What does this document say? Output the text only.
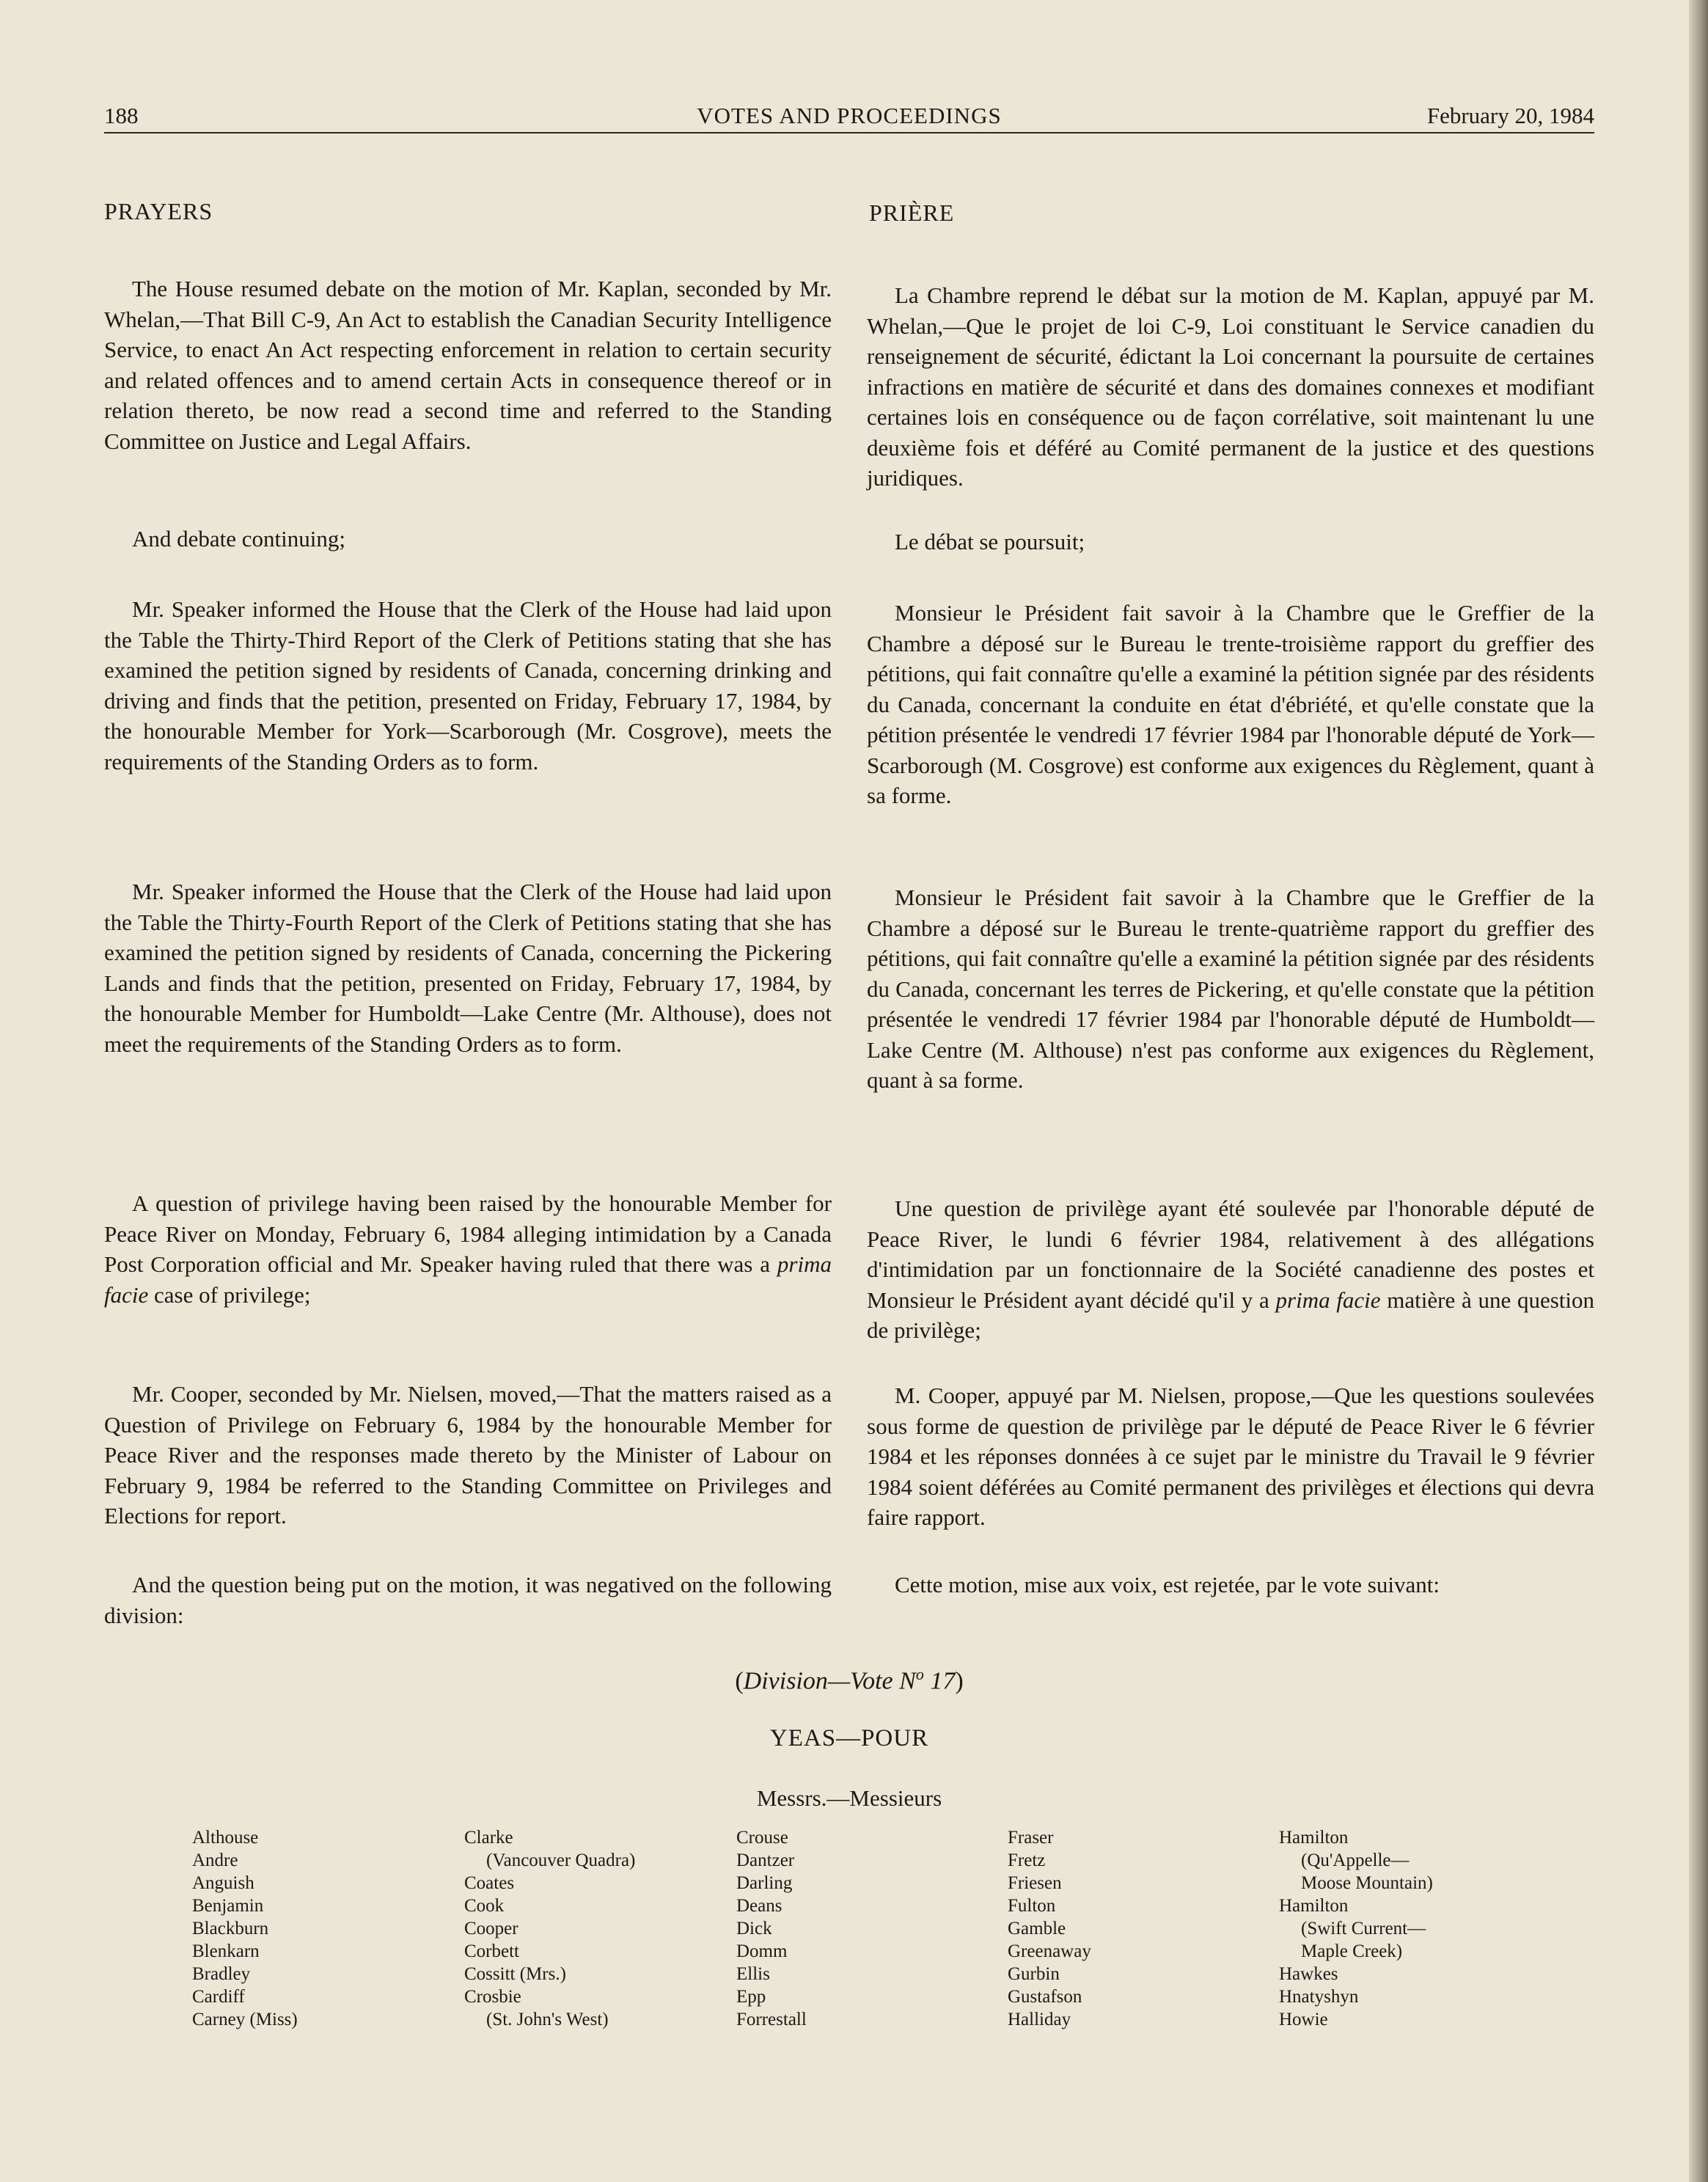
188	VOTES AND PROCEEDINGS	February 20, 1984
PRAYERS

The House resumed debate on the motion of Mr. Kaplan, seconded by Mr. Whelan,—That Bill C-9, An Act to establish the Canadian Security Intelligence Service, to enact An Act respecting enforcement in relation to certain security and related offences and to amend certain Acts in consequence thereof or in relation thereto, be now read a second time and referred to the Standing Committee on Justice and Legal Affairs.

And debate continuing;

Mr. Speaker informed the House that the Clerk of the House had laid upon the Table the Thirty-Third Report of the Clerk of Petitions stating that she has examined the petition signed by residents of Canada, concerning drinking and driving and finds that the petition, presented on Friday, February 17, 1984, by the honourable Member for York—Scarborough (Mr. Cosgrove), meets the requirements of the Standing Orders as to form.

Mr. Speaker informed the House that the Clerk of the House had laid upon the Table the Thirty-Fourth Report of the Clerk of Petitions stating that she has examined the petition signed by residents of Canada, concerning the Pickering Lands and finds that the petition, presented on Friday, February 17, 1984, by the honourable Member for Humboldt—Lake Centre (Mr. Althouse), does not meet the requirements of the Standing Orders as to form.

A question of privilege having been raised by the honourable Member for Peace River on Monday, February 6, 1984 alleging intimidation by a Canada Post Corporation official and Mr. Speaker having ruled that there was a prima facie case of privilege;

Mr. Cooper, seconded by Mr. Nielsen, moved,—That the matters raised as a Question of Privilege on February 6, 1984 by the honourable Member for Peace River and the responses made thereto by the Minister of Labour on February 9, 1984 be referred to the Standing Committee on Privileges and Elections for report.

And the question being put on the motion, it was negatived on the following division:

PRIÈRE

La Chambre reprend le débat sur la motion de M. Kaplan, appuyé par M. Whelan,—Que le projet de loi C-9, Loi constituant le Service canadien du renseignement de sécurité, édictant la Loi concernant la poursuite de certaines infractions en matière de sécurité et dans des domaines connexes et modifiant certaines lois en conséquence ou de façon corrélative, soit maintenant lu une deuxième fois et déféré au Comité permanent de la justice et des questions juridiques.

Le débat se poursuit;

Monsieur le Président fait savoir à la Chambre que le Greffier de la Chambre a déposé sur le Bureau le trente-troisième rapport du greffier des pétitions, qui fait connaître qu'elle a examiné la pétition signée par des résidents du Canada, concernant la conduite en état d'ébriété, et qu'elle constate que la pétition présentée le vendredi 17 février 1984 par l'honorable député de York—Scarborough (M. Cosgrove) est conforme aux exigences du Règlement, quant à sa forme.

Monsieur le Président fait savoir à la Chambre que le Greffier de la Chambre a déposé sur le Bureau le trente-quatrième rapport du greffier des pétitions, qui fait connaître qu'elle a examiné la pétition signée par des résidents du Canada, concernant les terres de Pickering, et qu'elle constate que la pétition présentée le vendredi 17 février 1984 par l'honorable député de Humboldt—Lake Centre (M. Althouse) n'est pas conforme aux exigences du Règlement, quant à sa forme.

Une question de privilège ayant été soulevée par l'honorable député de Peace River, le lundi 6 février 1984, relativement à des allégations d'intimidation par un fonctionnaire de la Société canadienne des postes et Monsieur le Président ayant décidé qu'il y a prima facie matière à une question de privilège;

M. Cooper, appuyé par M. Nielsen, propose,—Que les questions soulevées sous forme de question de privilège par le député de Peace River le 6 février 1984 et les réponses données à ce sujet par le ministre du Travail le 9 février 1984 soient déférées au Comité permanent des privilèges et élections qui devra faire rapport.

Cette motion, mise aux voix, est rejetée, par le vote suivant:

(Division—Vote $N^o$ 17)
YEAS—POUR
Messrs.—Messieurs
Althouse
Andre
Anguish
Benjamin
Blackburn
Blenkarn
Bradley
Cardiff
Carney (Miss)
Clarke
(Vancouver Quadra)
Coates
Cook
Cooper
Corbett
Cossitt (Mrs.)
Crosbie
(St. John's West)
Crouse
Dantzer
Darling
Deans
Dick
Domm
Ellis
Epp
Forrestall
Fraser
Fretz
Friesen
Fulton
Gamble
Greenaway
Gurbin
Gustafson
Halliday
Hamilton
(Qu'Appelle—
Moose Mountain)
Hamilton
(Swift Current—
Maple Creek)
Hawkes
Hnatyshyn
Howie
